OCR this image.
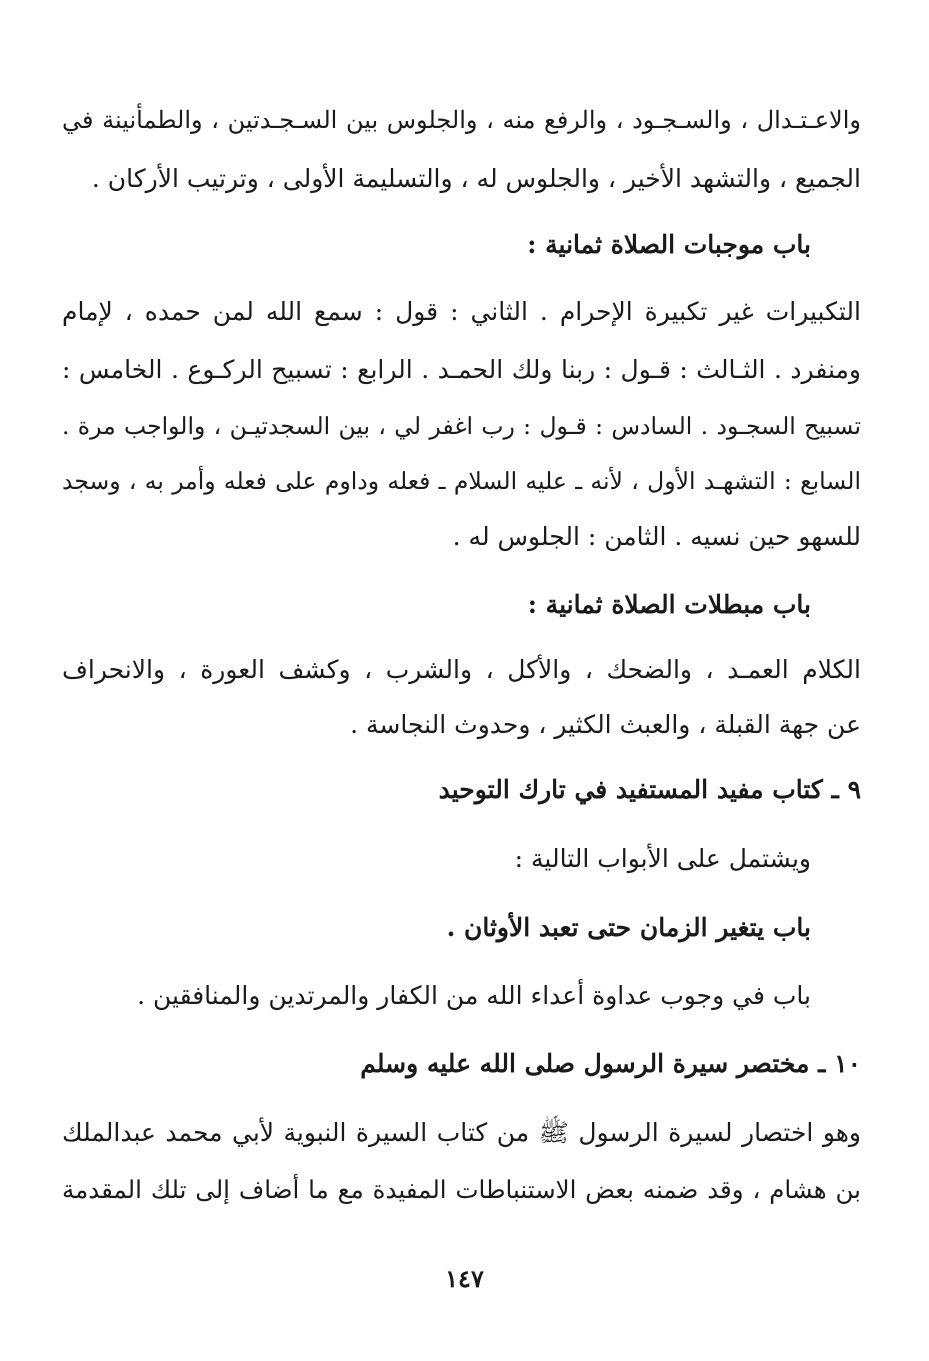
والاعـتـدال ، والسـجـود ، والرفع منه ، والجلوس بين السـجـدتين ، والطمأنينة في
الجميع ، والتشهد الأخير ، والجلوس له ، والتسليمة الأولى ، وترتيب الأركان .
باب موجبات الصلاة ثمانية :
التكبيرات غير تكبيرة الإحرام . الثاني : قول : سمع الله لمن حمده ، لإمام
ومنفرد . الثـالث : قـول : ربنا ولك الحمـد . الرابع : تسبيح الركـوع . الخامس :
تسبيح السجـود . السادس : قـول : رب اغفر لي ، بين السجدتيـن ، والواجب مرة .
السابع : التشهـد الأول ، لأنه ـ عليه السلام ـ فعله وداوم على فعله وأمر به ، وسجد
للسهو حين نسيه . الثامن : الجلوس له .
باب مبطلات الصلاة ثمانية :
الكلام العمـد ، والضحك ، والأكل ، والشرب ، وكشف العورة ، والانحراف
عن جهة القبلة ، والعبث الكثير ، وحدوث النجاسة .
٩ ـ كتاب مفيد المستفيد في تارك التوحيد
ويشتمل على الأبواب التالية :
باب يتغير الزمان حتى تعبد الأوثان .
باب في وجوب عداوة أعداء الله من الكفار والمرتدين والمنافقين .
١٠ ـ مختصر سيرة الرسول صلى الله عليه وسلم
وهو اختصار لسيرة الرسول ﷺ من كتاب السيرة النبوية لأبي محمد عبدالملك
بن هشام ، وقد ضمنه بعض الاستنباطات المفيدة مع ما أضاف إلى تلك المقدمة
١٤٧
